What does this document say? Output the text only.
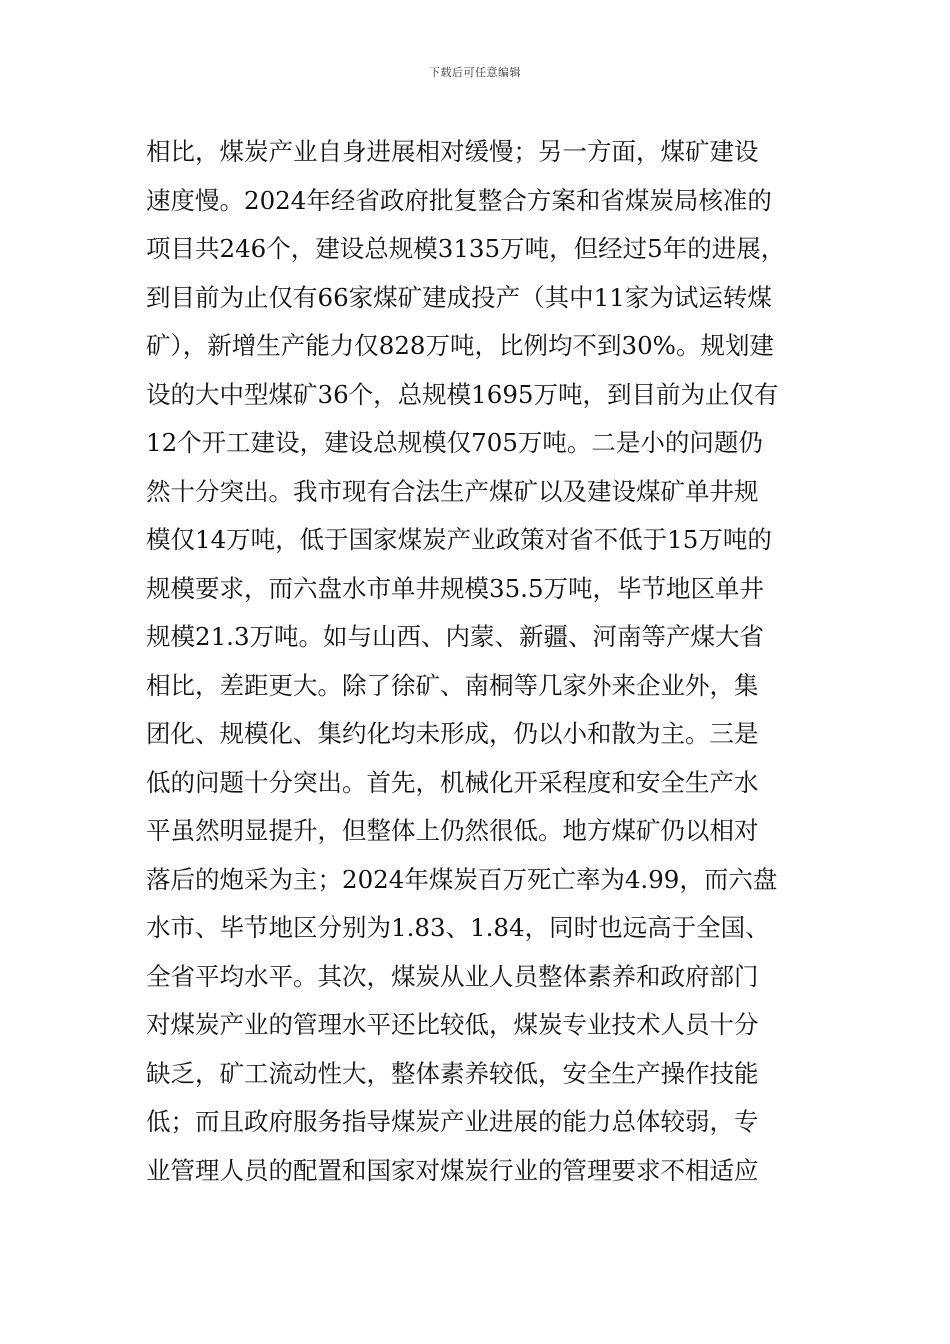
下载后可任意编辑
相比，煤炭产业自身进展相对缓慢；另一方面，煤矿建设
速度慢。2024年经省政府批复整合方案和省煤炭局核准的
项目共246个，建设总规模3135万吨，但经过5年的进展，
到目前为止仅有66家煤矿建成投产（其中11家为试运转煤
矿），新增生产能力仅828万吨，比例均不到30%。规划建
设的大中型煤矿36个，总规模1695万吨，到目前为止仅有
12个开工建设，建设总规模仅705万吨。二是小的问题仍
然十分突出。我市现有合法生产煤矿以及建设煤矿单井规
模仅14万吨，低于国家煤炭产业政策对省不低于15万吨的
规模要求，而六盘水市单井规模35.5万吨，毕节地区单井
规模21.3万吨。如与山西、内蒙、新疆、河南等产煤大省
相比，差距更大。除了徐矿、南桐等几家外来企业外，集
团化、规模化、集约化均未形成，仍以小和散为主。三是
低的问题十分突出。首先，机械化开采程度和安全生产水
平虽然明显提升，但整体上仍然很低。地方煤矿仍以相对
落后的炮采为主；2024年煤炭百万死亡率为4.99，而六盘
水市、毕节地区分别为1.83、1.84，同时也远高于全国、
全省平均水平。其次，煤炭从业人员整体素养和政府部门
对煤炭产业的管理水平还比较低，煤炭专业技术人员十分
缺乏，矿工流动性大，整体素养较低，安全生产操作技能
低；而且政府服务指导煤炭产业进展的能力总体较弱，专
业管理人员的配置和国家对煤炭行业的管理要求不相适应
